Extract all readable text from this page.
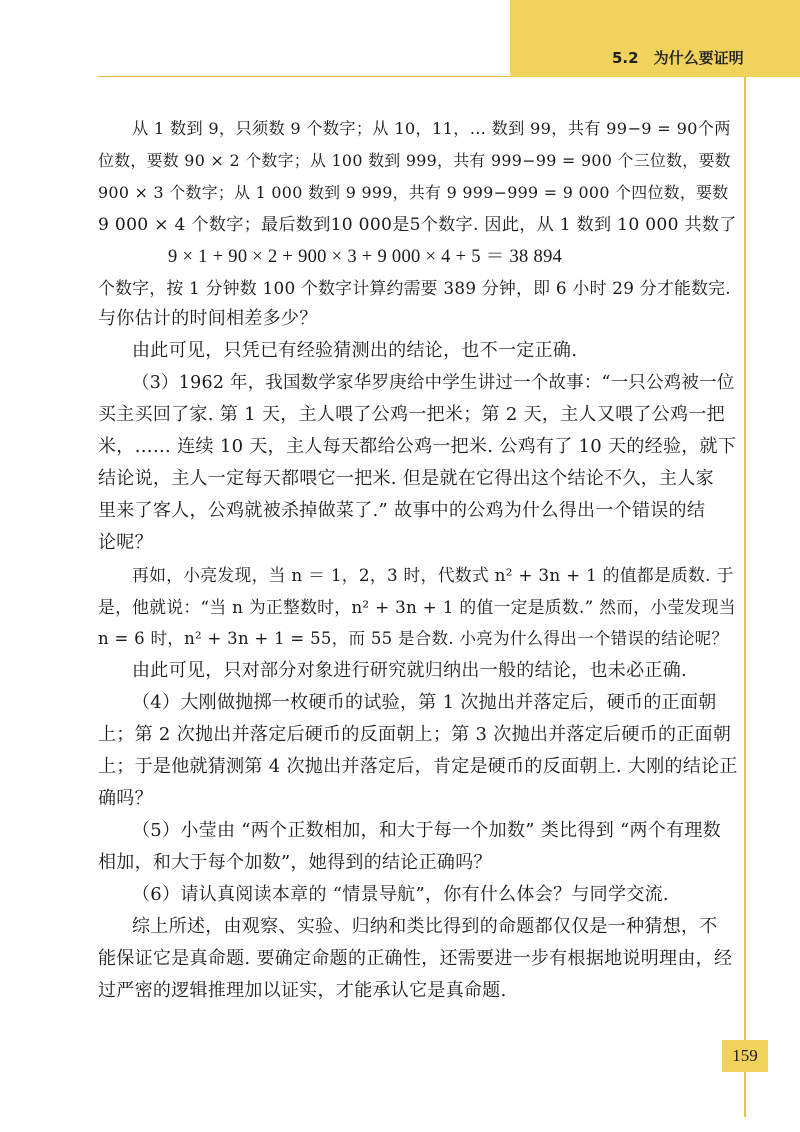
5.2　为什么要证明
从 1 数到 9，只须数 9 个数字；从 10，11，… 数到 99，共有 99−9 = 90个两
位数，要数 90 × 2 个数字；从 100 数到 999，共有 999−99 = 900 个三位数，要数
900 × 3 个数字；从 1 000 数到 9 999，共有 9 999−999 = 9 000 个四位数，要数
9 000 × 4 个数字；最后数到10 000是5个数字. 因此，从 1 数到 10 000 共数了
9 × 1 + 90 × 2 + 900 × 3 + 9 000 × 4 + 5 ＝ 38 894
个数字，按 1 分钟数 100 个数字计算约需要 389 分钟，即 6 小时 29 分才能数完.
与你估计的时间相差多少？
由此可见，只凭已有经验猜测出的结论，也不一定正确.
（3）1962 年，我国数学家华罗庚给中学生讲过一个故事：“一只公鸡被一位
买主买回了家. 第 1 天，主人喂了公鸡一把米；第 2 天，主人又喂了公鸡一把
米，…… 连续 10 天，主人每天都给公鸡一把米. 公鸡有了 10 天的经验，就下
结论说，主人一定每天都喂它一把米. 但是就在它得出这个结论不久，主人家
里来了客人，公鸡就被杀掉做菜了.” 故事中的公鸡为什么得出一个错误的结
论呢？
再如，小亮发现，当 n ＝ 1，2，3 时，代数式 n² + 3n + 1 的值都是质数. 于
是，他就说：“当 n 为正整数时，n² + 3n + 1 的值一定是质数.” 然而，小莹发现当
n = 6 时，n² + 3n + 1 = 55，而 55 是合数. 小亮为什么得出一个错误的结论呢？
由此可见，只对部分对象进行研究就归纳出一般的结论，也未必正确.
（4）大刚做抛掷一枚硬币的试验，第 1 次抛出并落定后，硬币的正面朝
上；第 2 次抛出并落定后硬币的反面朝上；第 3 次抛出并落定后硬币的正面朝
上；于是他就猜测第 4 次抛出并落定后，肯定是硬币的反面朝上. 大刚的结论正
确吗？
（5）小莹由 “两个正数相加，和大于每一个加数” 类比得到 “两个有理数
相加，和大于每个加数”，她得到的结论正确吗？
（6）请认真阅读本章的 “情景导航”，你有什么体会？与同学交流.
综上所述，由观察、实验、归纳和类比得到的命题都仅仅是一种猜想，不
能保证它是真命题. 要确定命题的正确性，还需要进一步有根据地说明理由，经
过严密的逻辑推理加以证实，才能承认它是真命题.
159
